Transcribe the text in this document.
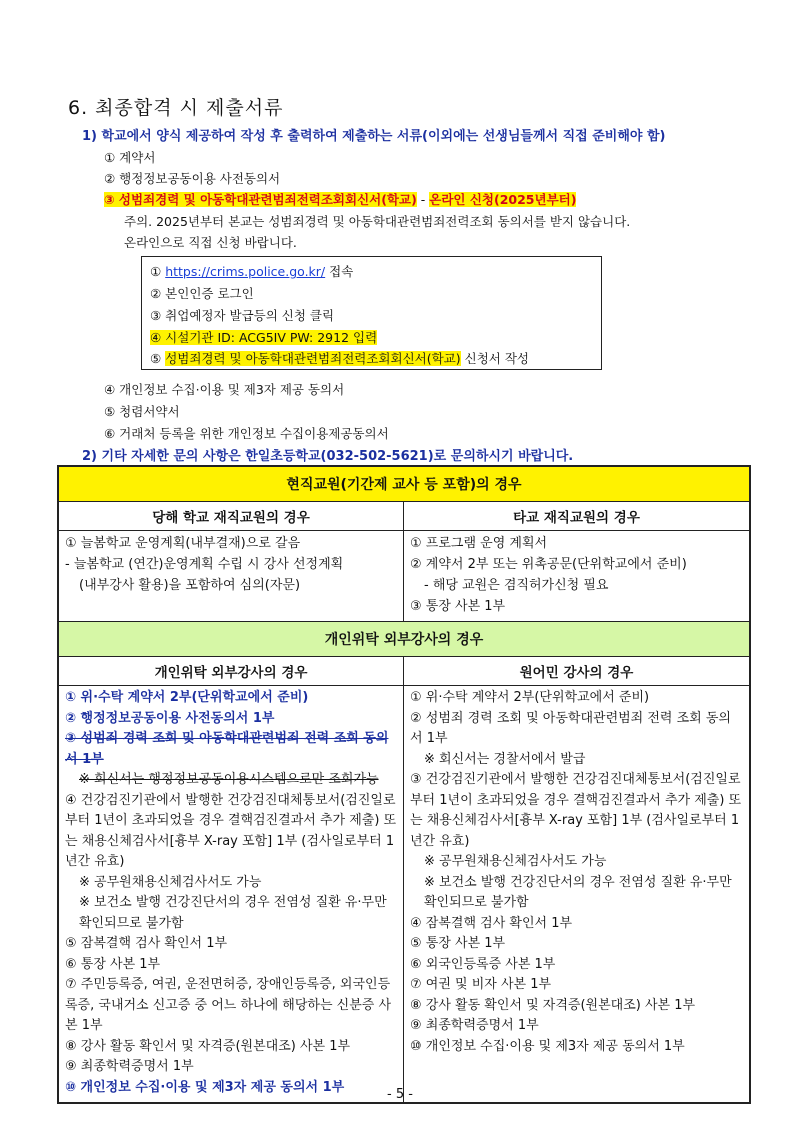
6. 최종합격 시 제출서류
1) 학교에서 양식 제공하여 작성 후 출력하여 제출하는 서류(이외에는 선생님들께서 직접 준비해야 함)
① 계약서
② 행정정보공동이용 사전동의서
③ 성범죄경력 및 아동학대관련범죄전력조회회신서(학교) - 온라인 신청(2025년부터)
주의. 2025년부터 본교는 성범죄경력 및 아동학대관련범죄전력조회 동의서를 받지 않습니다.
온라인으로 직접 신청 바랍니다.
① https://crims.police.go.kr/ 접속
② 본인인증 로그인
③ 취업예정자 발급등의 신청 클릭
④ 시설기관 ID: ACG5IV PW: 2912 입력
⑤ 성범죄경력 및 아동학대관련범죄전력조회회신서(학교) 신청서 작성
④ 개인정보 수집·이용 및 제3자 제공 동의서
⑤ 청렴서약서
⑥ 거래처 등록을 위한 개인정보 수집이용제공동의서
2) 기타 자세한 문의 사항은 한일초등학교(032-502-5621)로 문의하시기 바랍니다.
현직교원(기간제 교사 등 포함)의 경우
당해 학교 재직교원의 경우
① 늘봄학교 운영계획(내부결재)으로 갈음
- 늘봄학교 (연간)운영계획 수립 시 강사 선정계획
(내부강사 활용)을 포함하여 심의(자문)
타교 재직교원의 경우
① 프로그램 운영 계획서
② 계약서 2부 또는 위촉공문(단위학교에서 준비)
- 해당 교원은 겸직허가신청 필요
③ 통장 사본 1부
개인위탁 외부강사의 경우
개인위탁 외부강사의 경우
① 위·수탁 계약서 2부(단위학교에서 준비)
② 행정정보공동이용 사전동의서 1부
③ 성범죄 경력 조회 및 아동학대관련범죄 전력 조회 동의서 1부
※ 회신서는 행정정보공동이용시스템으로만 조회가능
④ 건강검진기관에서 발행한 건강검진대체통보서(검진일로부터 1년이 초과되었을 경우 결핵검진결과서 추가 제출) 또는 채용신체검사서[흉부 X-ray 포함] 1부 (검사일로부터 1년간 유효)
※ 공무원채용신체검사서도 가능
※ 보건소 발행 건강진단서의 경우 전염성 질환 유·무만 확인되므로 불가함
⑤ 잠복결핵 검사 확인서 1부
⑥ 통장 사본 1부
⑦ 주민등록증, 여권, 운전면허증, 장애인등록증, 외국인등록증, 국내거소 신고증 중 어느 하나에 해당하는 신분증 사본 1부
⑧ 강사 활동 확인서 및 자격증(원본대조) 사본 1부
⑨ 최종학력증명서 1부
⑩ 개인정보 수집·이용 및 제3자 제공 동의서 1부
원어민 강사의 경우
① 위·수탁 계약서 2부(단위학교에서 준비)
② 성범죄 경력 조회 및 아동학대관련범죄 전력 조회 동의서 1부
※ 회신서는 경찰서에서 발급
③ 건강검진기관에서 발행한 건강검진대체통보서(검진일로부터 1년이 초과되었을 경우 결핵검진결과서 추가 제출) 또는 채용신체검사서[흉부 X-ray 포함] 1부 (검사일로부터 1년간 유효)
※ 공무원채용신체검사서도 가능
※ 보건소 발행 건강진단서의 경우 전염성 질환 유·무만 확인되므로 불가함
④ 잠복결핵 검사 확인서 1부
⑤ 통장 사본 1부
⑥ 외국인등록증 사본 1부
⑦ 여권 및 비자 사본 1부
⑧ 강사 활동 확인서 및 자격증(원본대조) 사본 1부
⑨ 최종학력증명서 1부
⑩ 개인정보 수집·이용 및 제3자 제공 동의서 1부
- 5 -
